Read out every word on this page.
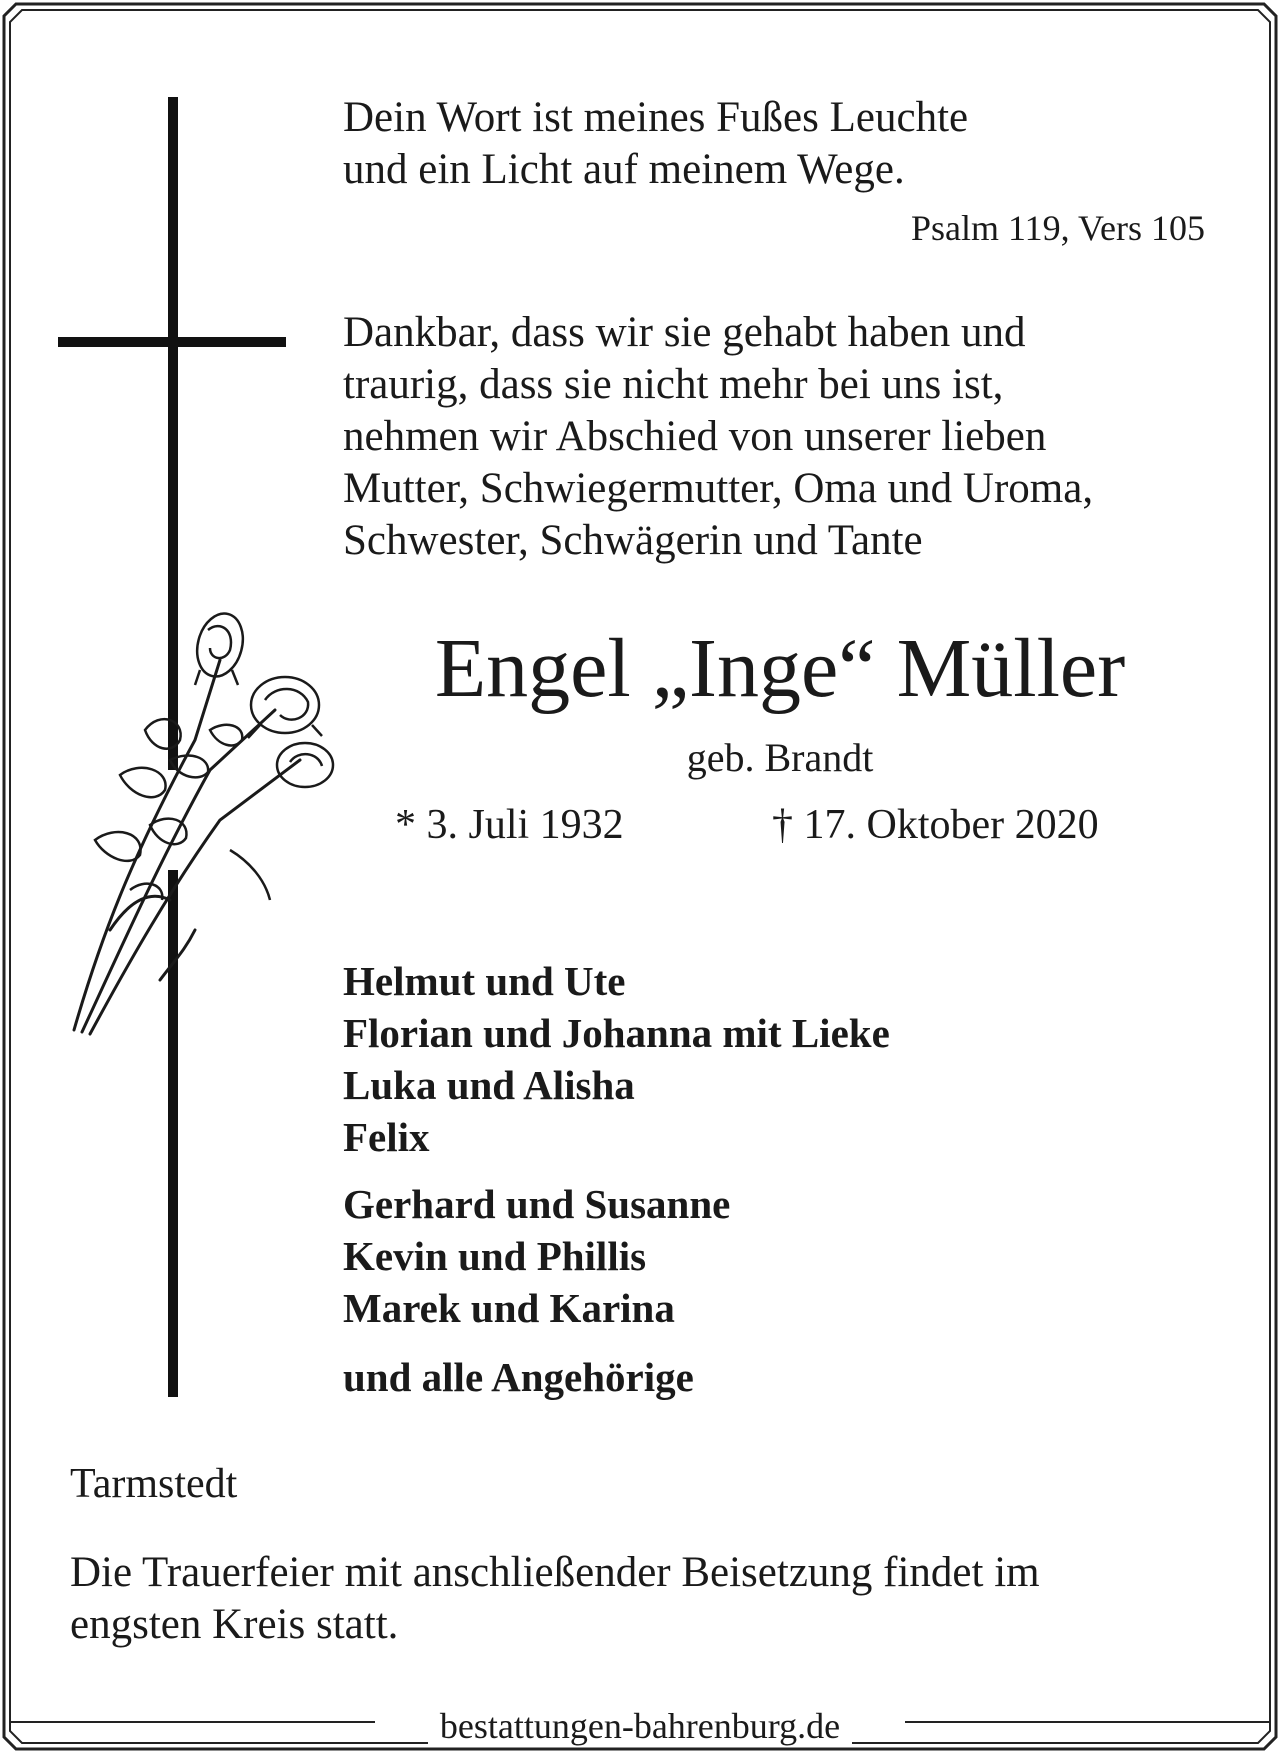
Dein Wort ist meines Fußes Leuchte
und ein Licht auf meinem Wege.

Psalm 119, Vers 105

Dankbar, dass wir sie gehabt haben und
traurig, dass sie nicht mehr bei uns ist,
nehmen wir Abschied von unserer lieben
Mutter, Schwiegermutter, Oma und Uroma,
Schwester, Schwägerin und Tante

Engel „Inge“ Müller

geb. Brandt

* 3. Juli 1932	† 17. Oktober 2020

Helmut und Ute
Florian und Johanna mit Lieke
Luka und Alisha
Felix
Gerhard und Susanne
Kevin und Phillis
Marek und Karina
und alle Angehörige

Tarmstedt

Die Trauerfeier mit anschließender Beisetzung findet im
engsten Kreis statt.

bestattungen-bahrenburg.de
